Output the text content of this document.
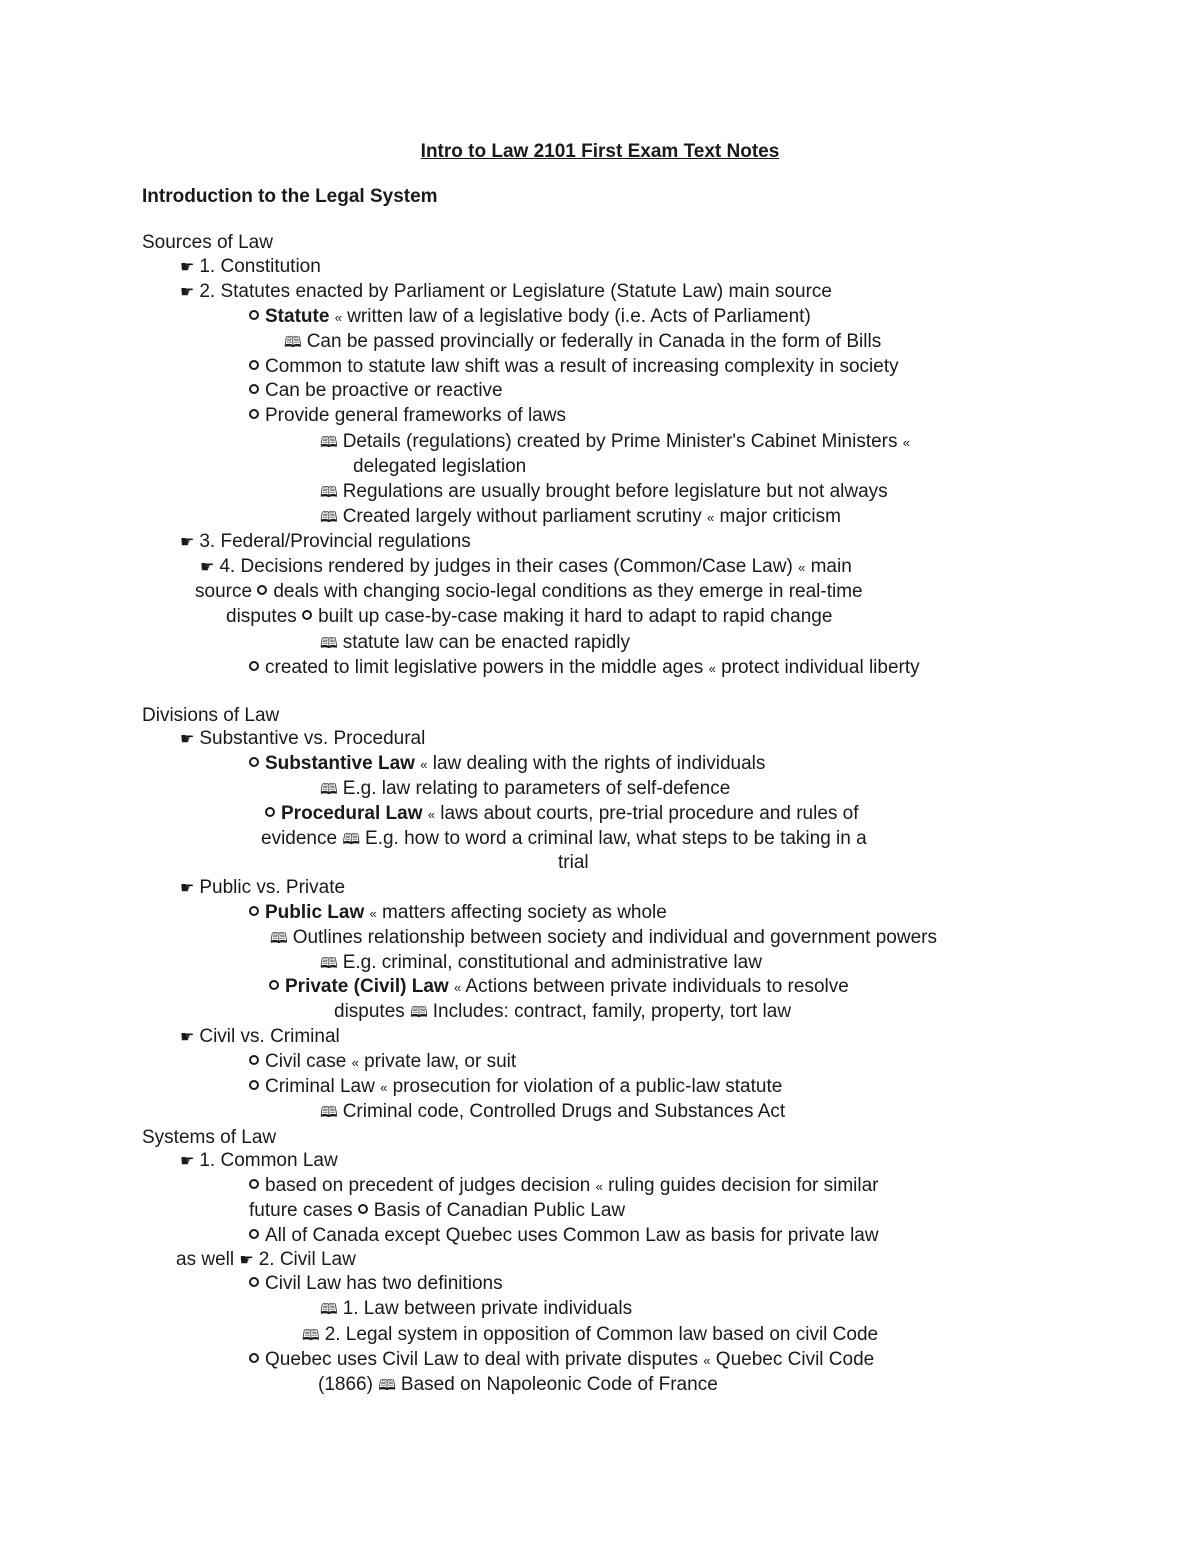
Intro to Law 2101 First Exam Text Notes
Introduction to the Legal System
Sources of Law
☛ 1. Constitution
☛ 2. Statutes enacted by Parliament or Legislature (Statute Law) main source
Statute « written law of a legislative body (i.e. Acts of Parliament)
🕮 Can be passed provincially or federally in Canada in the form of Bills
Common to statute law shift was a result of increasing complexity in society
Can be proactive or reactive
Provide general frameworks of laws
🕮 Details (regulations) created by Prime Minister's Cabinet Ministers «
delegated legislation
🕮 Regulations are usually brought before legislature but not always
🕮 Created largely without parliament scrutiny « major criticism
☛ 3. Federal/Provincial regulations
☛ 4. Decisions rendered by judges in their cases (Common/Case Law) « main
source deals with changing socio-legal conditions as they emerge in real-time
disputes built up case-by-case making it hard to adapt to rapid change
🕮 statute law can be enacted rapidly
created to limit legislative powers in the middle ages « protect individual liberty
Divisions of Law
☛ Substantive vs. Procedural
Substantive Law « law dealing with the rights of individuals
🕮 E.g. law relating to parameters of self-defence
Procedural Law « laws about courts, pre-trial procedure and rules of
evidence 🕮 E.g. how to word a criminal law, what steps to be taking in a
trial
☛ Public vs. Private
Public Law « matters affecting society as whole
🕮 Outlines relationship between society and individual and government powers
🕮 E.g. criminal, constitutional and administrative law
Private (Civil) Law « Actions between private individuals to resolve
disputes 🕮 Includes: contract, family, property, tort law
☛ Civil vs. Criminal
Civil case « private law, or suit
Criminal Law « prosecution for violation of a public-law statute
🕮 Criminal code, Controlled Drugs and Substances Act
Systems of Law
☛ 1. Common Law
based on precedent of judges decision « ruling guides decision for similar
future cases Basis of Canadian Public Law
All of Canada except Quebec uses Common Law as basis for private law
as well ☛ 2. Civil Law
Civil Law has two definitions
🕮 1. Law between private individuals
🕮 2. Legal system in opposition of Common law based on civil Code
Quebec uses Civil Law to deal with private disputes « Quebec Civil Code
(1866) 🕮 Based on Napoleonic Code of France
